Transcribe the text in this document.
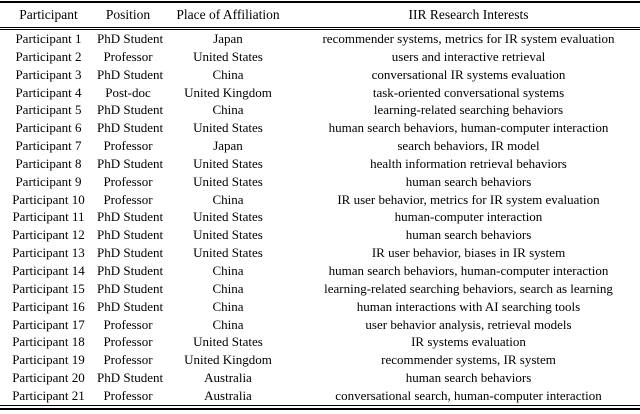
Participant	Position	Place of Affiliation	IIR Research Interests
Participant 1	PhD Student	Japan	recommender systems, metrics for IR system evaluation
Participant 2	Professor	United States	users and interactive retrieval
Participant 3	PhD Student	China	conversational IR systems evaluation
Participant 4	Post-doc	United Kingdom	task-oriented conversational systems
Participant 5	PhD Student	China	learning-related searching behaviors
Participant 6	PhD Student	United States	human search behaviors, human-computer interaction
Participant 7	Professor	Japan	search behaviors, IR model
Participant 8	PhD Student	United States	health information retrieval behaviors
Participant 9	Professor	United States	human search behaviors
Participant 10	Professor	China	IR user behavior, metrics for IR system evaluation
Participant 11	PhD Student	United States	human-computer interaction
Participant 12	PhD Student	United States	human search behaviors
Participant 13	PhD Student	United States	IR user behavior, biases in IR system
Participant 14	PhD Student	China	human search behaviors, human-computer interaction
Participant 15	PhD Student	China	learning-related searching behaviors, search as learning
Participant 16	PhD Student	China	human interactions with AI searching tools
Participant 17	Professor	China	user behavior analysis, retrieval models
Participant 18	Professor	United States	IR systems evaluation
Participant 19	Professor	United Kingdom	recommender systems, IR system
Participant 20	PhD Student	Australia	human search behaviors
Participant 21	Professor	Australia	conversational search, human-computer interaction
